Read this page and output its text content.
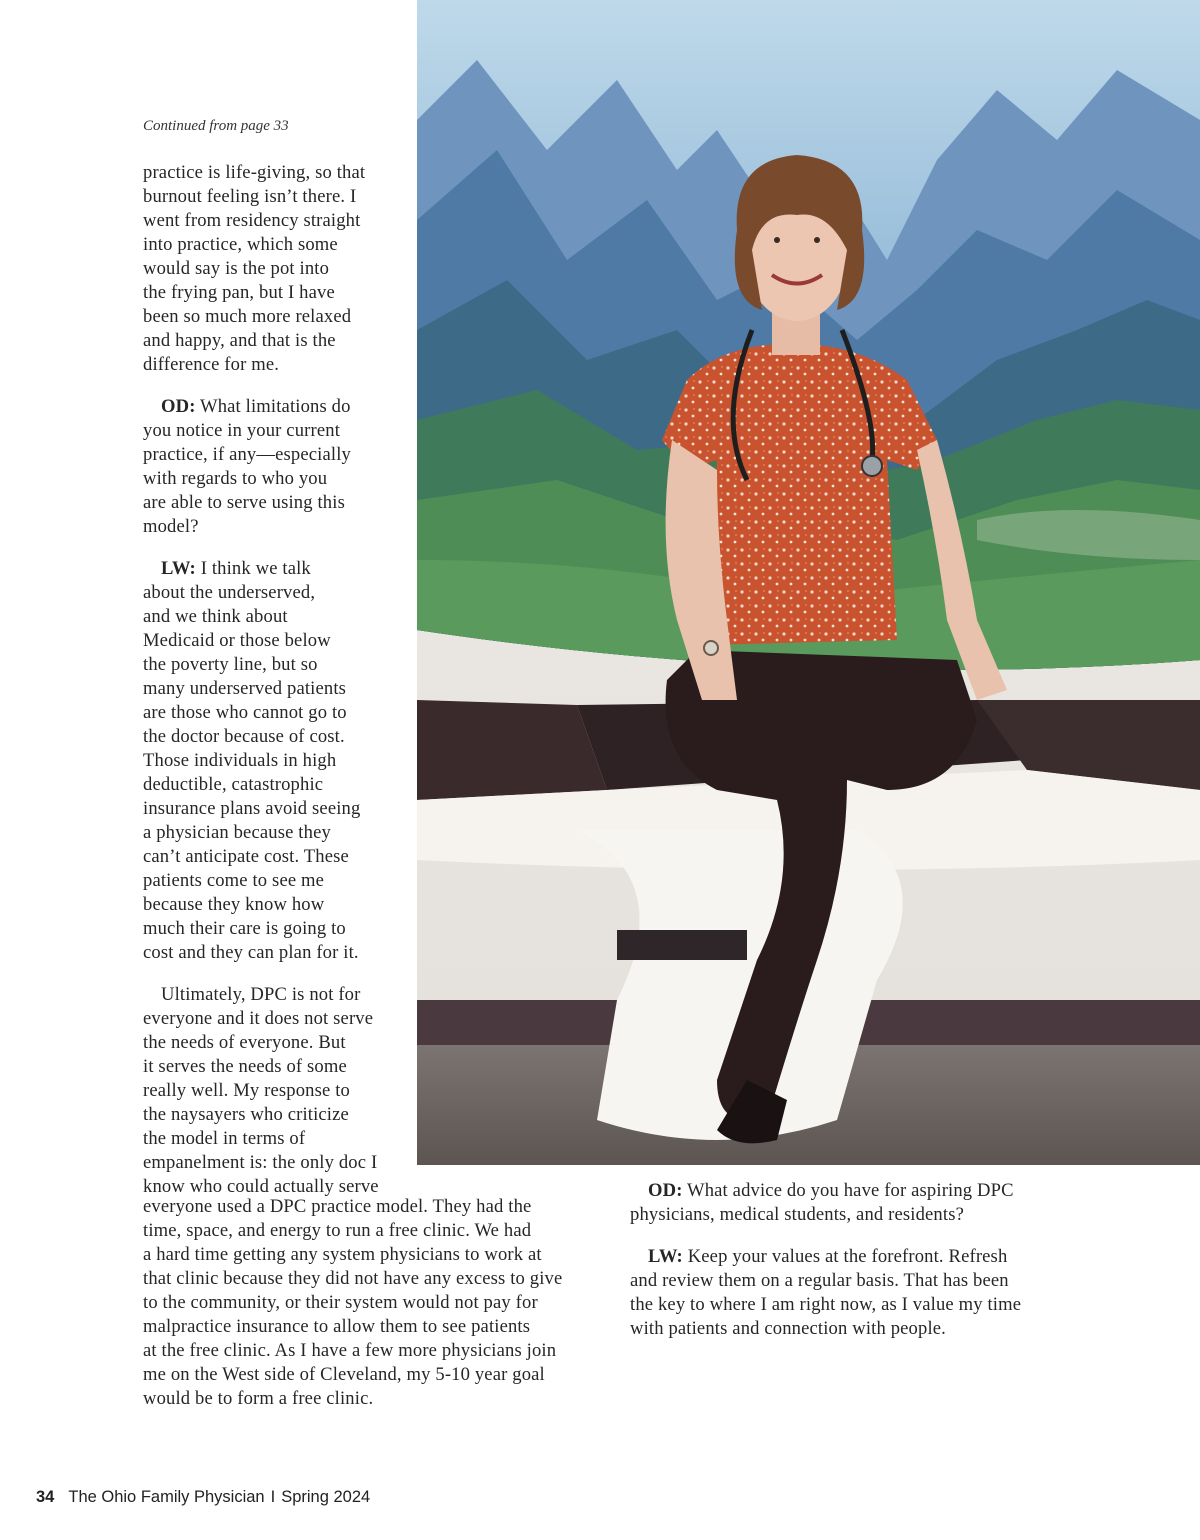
Continued from page 33

practice is life-giving, so that
burnout feeling isn’t there. I
went from residency straight
into practice, which some
would say is the pot into
the frying pan, but I have
been so much more relaxed
and happy, and that is the
difference for me.

OD: What limitations do
you notice in your current
practice, if any—especially
with regards to who you
are able to serve using this
model?

LW: I think we talk
about the underserved,
and we think about
Medicaid or those below
the poverty line, but so
many underserved patients
are those who cannot go to
the doctor because of cost.
Those individuals in high
deductible, catastrophic
insurance plans avoid seeing
a physician because they
can’t anticipate cost. These
patients come to see me
because they know how
much their care is going to
cost and they can plan for it.

Ultimately, DPC is not for
everyone and it does not serve
the needs of everyone. But
it serves the needs of some
really well. My response to
the naysayers who criticize
the model in terms of
empanelment is: the only doc I
know who could actually serve

everyone used a DPC practice model. They had the
time, space, and energy to run a free clinic. We had
a hard time getting any system physicians to work at
that clinic because they did not have any excess to give
to the community, or their system would not pay for
malpractice insurance to allow them to see patients
at the free clinic. As I have a few more physicians join
me on the West side of Cleveland, my 5-10 year goal
would be to form a free clinic.

OD: What advice do you have for aspiring DPC
physicians, medical students, and residents?

LW: Keep your values at the forefront. Refresh
and review them on a regular basis. That has been
the key to where I am right now, as I value my time
with patients and connection with people.

34 The Ohio Family Physician I Spring 2024
